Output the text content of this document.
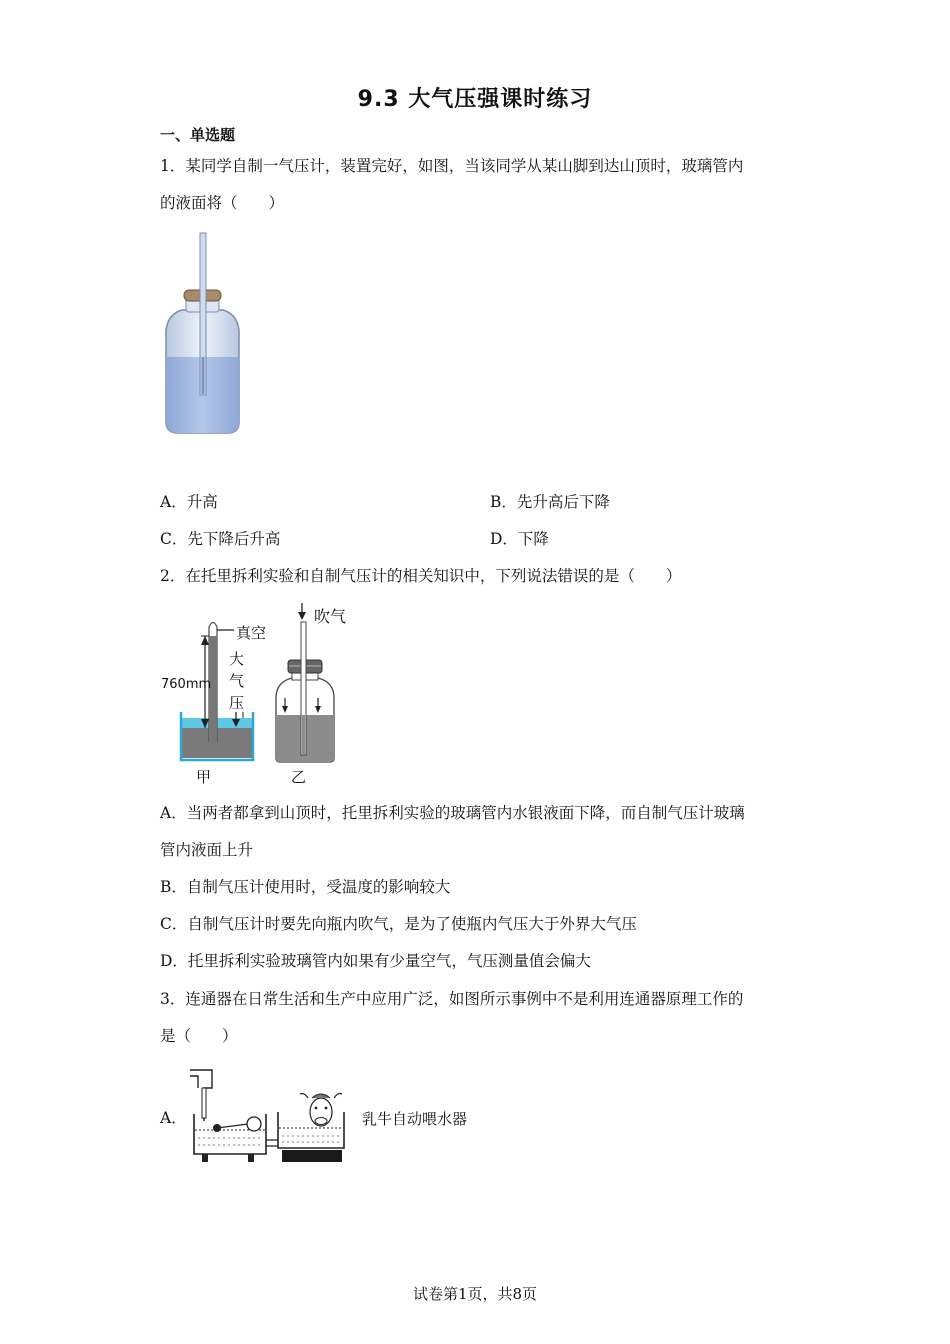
9.3 大气压强课时练习
一、单选题
1．某同学自制一气压计，装置完好，如图，当该同学从某山脚到达山顶时，玻璃管内
的液面将（　　）
A．升高	B．先升高后下降
C．先下降后升高	D．下降
2．在托里拆利实验和自制气压计的相关知识中，下列说法错误的是（　　）
真空
大
气
压
760mm
甲
吹气
乙
A．当两者都拿到山顶时，托里拆利实验的玻璃管内水银液面下降，而自制气压计玻璃
管内液面上升
B．自制气压计使用时，受温度的影响较大
C．自制气压计时要先向瓶内吹气，是为了使瓶内气压大于外界大气压
D．托里拆利实验玻璃管内如果有少量空气，气压测量值会偏大
3．连通器在日常生活和生产中应用广泛，如图所示事例中不是利用连通器原理工作的
是（　　）
A．	乳牛自动喂水器
试卷第1页，共8页
